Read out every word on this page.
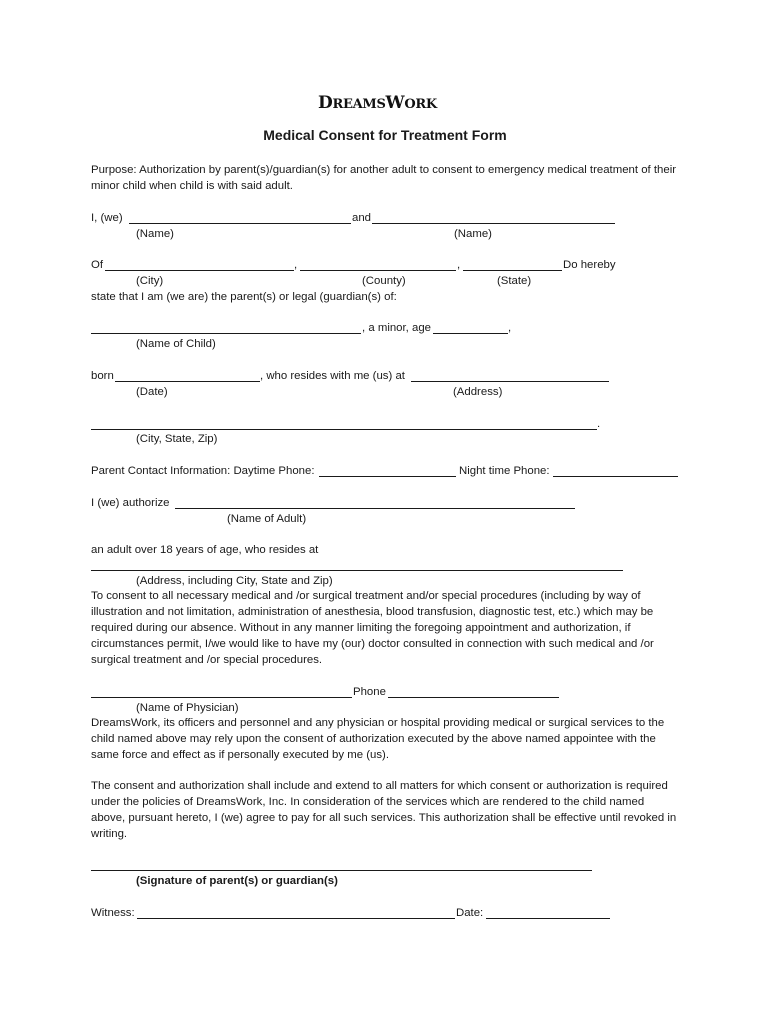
DREAMSWORK
Medical Consent for Treatment Form
Purpose: Authorization by parent(s)/guardian(s) for another adult to consent to emergency medical treatment of their minor child when child is with said adult.
I, (we)	and
(Name)	(Name)
Of	,	,	Do hereby
(City)	(County)	(State)
state that I am (we are) the parent(s) or legal (guardian(s) of:
, a minor, age	,
(Name of Child)
born	, who resides with me (us) at
(Date)	(Address)
.
(City, State, Zip)
Parent Contact Information: Daytime Phone:	Night time Phone:
I (we) authorize
(Name of Adult)
an adult over 18 years of age, who resides at
(Address, including City, State and Zip)
To consent to all necessary medical and /or surgical treatment and/or special procedures (including by way of illustration and not limitation, administration of anesthesia, blood transfusion, diagnostic test, etc.) which may be required during our absence. Without in any manner limiting the foregoing appointment and authorization, if circumstances permit, I/we would like to have my (our) doctor consulted in connection with such medical and /or surgical treatment and /or special procedures.
Phone
(Name of Physician)
DreamsWork, its officers and personnel and any physician or hospital providing medical or surgical services to the child named above may rely upon the consent of authorization executed by the above named appointee with the same force and effect as if personally executed by me (us).
The consent and authorization shall include and extend to all matters for which consent or authorization is required under the policies of DreamsWork, Inc. In consideration of the services which are rendered to the child named above, pursuant hereto, I (we) agree to pay for all such services. This authorization shall be effective until revoked in writing.
(Signature of parent(s) or guardian(s)
Witness:	Date:
